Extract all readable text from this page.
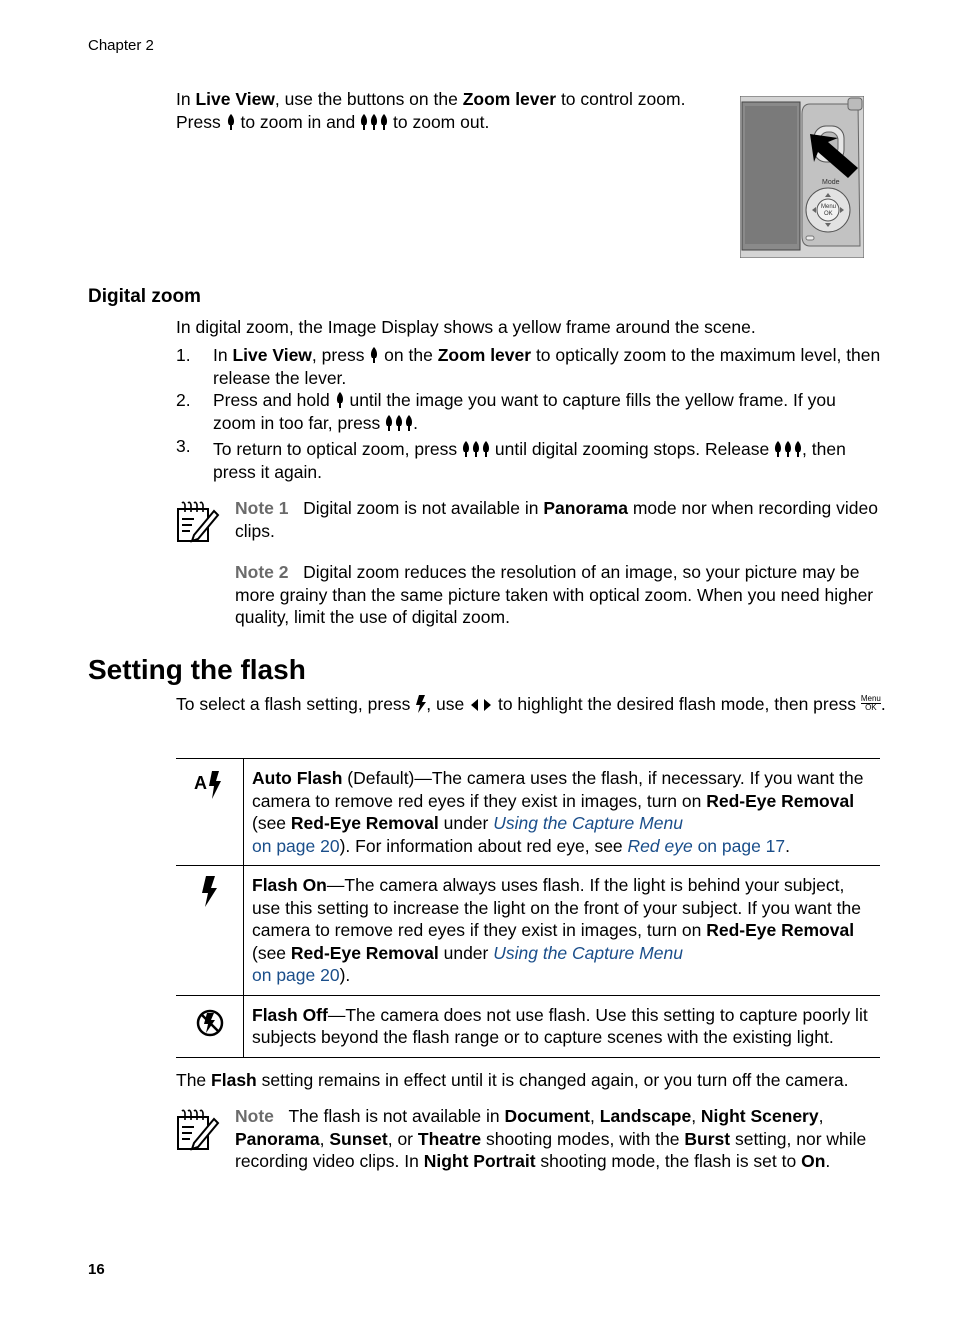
Chapter 2
In Live View, use the buttons on the Zoom lever to control zoom.
Press  to zoom in and  to zoom out.
Mode
Menu
OK
Digital zoom
In digital zoom, the Image Display shows a yellow frame around the scene.
1. In Live View, press  on the Zoom lever to optically zoom to the maximum level, then release the lever.
2. Press and hold  until the image you want to capture fills the yellow frame. If you zoom in too far, press .
3. To return to optical zoom, press  until digital zooming stops. Release , then press it again.
Note 1 Digital zoom is not available in Panorama mode nor when recording video clips.
Note 2 Digital zoom reduces the resolution of an image, so your picture may be more grainy than the same picture taken with optical zoom. When you need higher quality, limit the use of digital zoom.
Setting the flash
To select a flash setting, press , use  to highlight the desired flash mode, then press Menu
OK .
A	Auto Flash (Default)—The camera uses the flash, if necessary. If you want the camera to remove red eyes if they exist in images, turn on Red-Eye Removal (see Red-Eye Removal under Using the Capture Menu
on page 20). For information about red eye, see Red eye on page 17.
	Flash On—The camera always uses flash. If the light is behind your subject, use this setting to increase the light on the front of your subject. If you want the camera to remove red eyes if they exist in images, turn on Red-Eye Removal (see Red-Eye Removal under Using the Capture Menu
on page 20).
	Flash Off—The camera does not use flash. Use this setting to capture poorly lit subjects beyond the flash range or to capture scenes with the existing light.
The Flash setting remains in effect until it is changed again, or you turn off the camera.
Note The flash is not available in Document, Landscape, Night Scenery,
Panorama, Sunset, or Theatre shooting modes, with the Burst setting, nor while recording video clips. In Night Portrait shooting mode, the flash is set to On.
16
